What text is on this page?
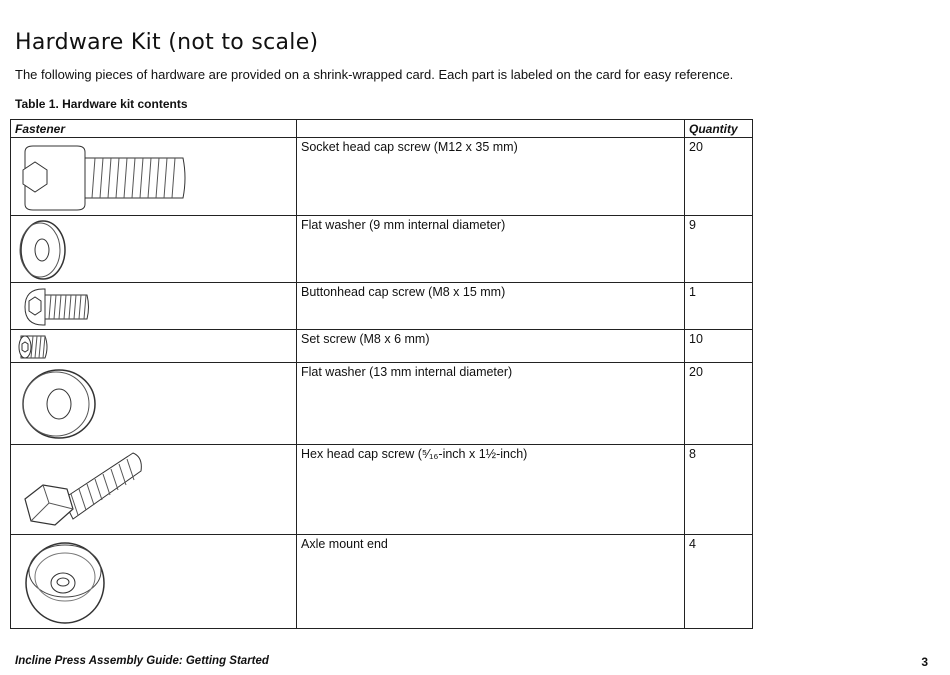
Hardware Kit (not to scale)

The following pieces of hardware are provided on a shrink-wrapped card. Each part is labeled on the card for easy reference.

Table 1. Hardware kit contents

Fastener		Quantity

	Socket head cap screw (M12 x 35 mm)	20

	Flat washer (9 mm internal diameter)	9

	Buttonhead cap screw (M8 x 15 mm)	1

	Set screw (M8 x 6 mm)	10

	Flat washer (13 mm internal diameter)	20

	Hex head cap screw (⁵⁄₁₆-inch x 1½-inch)	8

	Axle mount end	4
Incline Press Assembly Guide: Getting Started	3
